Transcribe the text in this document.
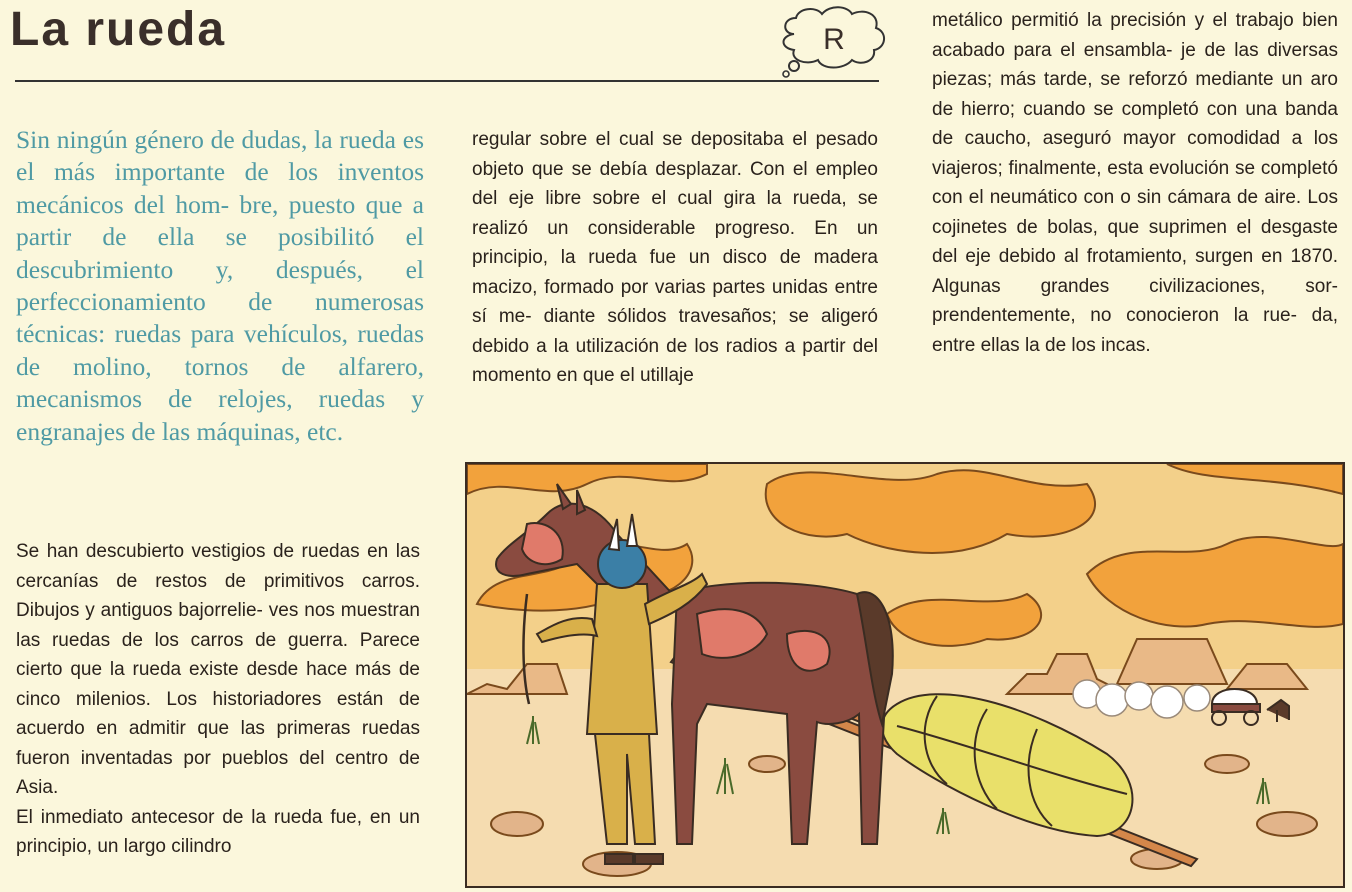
La rueda	R

Sin ningún género de dudas, la rueda es el más importante de los inventos mecánicos del hom- bre, puesto que a partir de ella se posibilitó el descubrimiento y, después, el perfeccionamiento de numerosas técnicas: ruedas para vehículos, ruedas de molino, tornos de alfarero, mecanismos de relojes, ruedas y engranajes de las máquinas, etc.

Se han descubierto vestigios de ruedas en las cercanías de restos de primitivos carros. Dibujos y antiguos bajorrelie- ves nos muestran las ruedas de los carros de guerra. Parece cierto que la rueda existe desde hace más de cinco milenios. Los historiadores están de acuerdo en admitir que las primeras ruedas fueron inventadas por pueblos del centro de Asia.

El inmediato antecesor de la rueda fue, en un principio, un largo cilindro

regular sobre el cual se depositaba el pesado objeto que se debía desplazar. Con el empleo del eje libre sobre el cual gira la rueda, se realizó un considerable progreso. En un principio, la rueda fue un disco de madera macizo, formado por varias partes unidas entre sí me- diante sólidos travesaños; se aligeró debido a la utilización de los radios a partir del momento en que el utillaje

metálico permitió la precisión y el trabajo bien acabado para el ensambla- je de las diversas piezas; más tarde, se reforzó mediante un aro de hierro; cuando se completó con una banda de caucho, aseguró mayor comodidad a los viajeros; finalmente, esta evolución se completó con el neumático con o sin cámara de aire. Los cojinetes de bolas, que suprimen el desgaste del eje debido al frotamiento, surgen en 1870. Algunas grandes civilizaciones, sor- prendentemente, no conocieron la rue- da, entre ellas la de los incas.
